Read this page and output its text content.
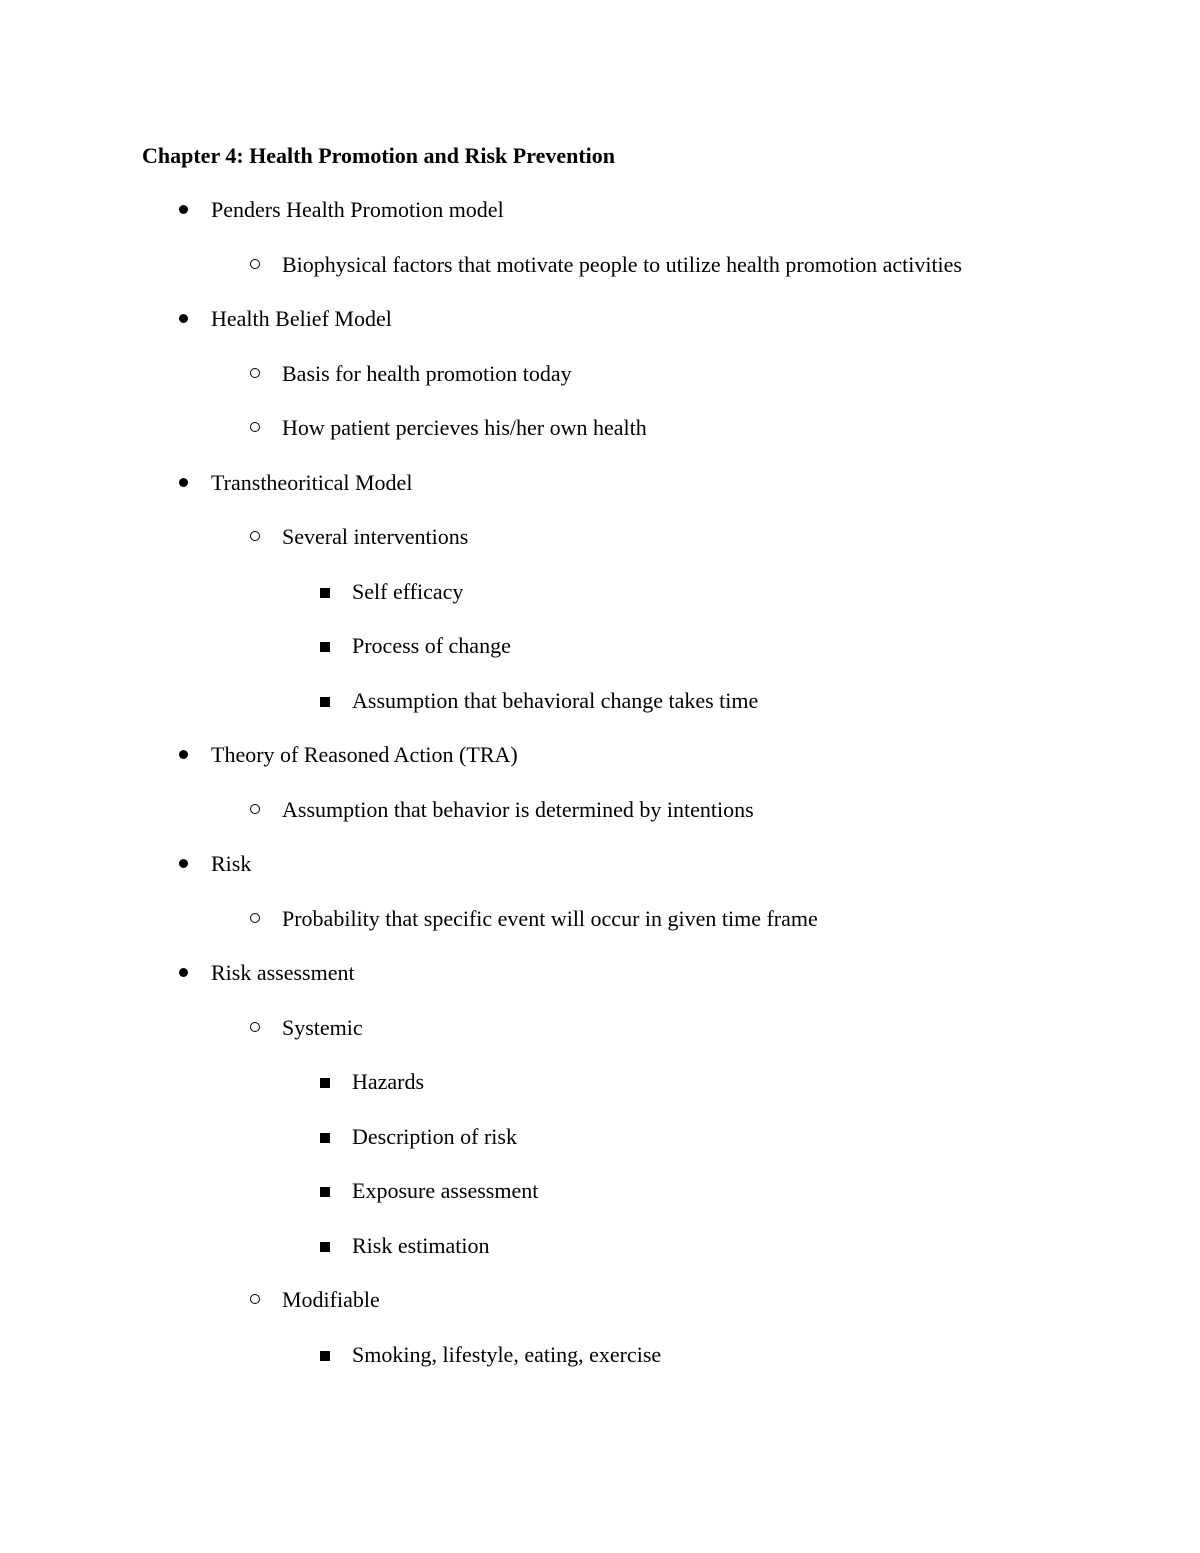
Chapter 4: Health Promotion and Risk Prevention
Penders Health Promotion model
Biophysical factors that motivate people to utilize health promotion activities
Health Belief Model
Basis for health promotion today
How patient percieves his/her own health
Transtheoritical Model
Several interventions
Self efficacy
Process of change
Assumption that behavioral change takes time
Theory of Reasoned Action (TRA)
Assumption that behavior is determined by intentions
Risk
Probability that specific event will occur in given time frame
Risk assessment
Systemic
Hazards
Description of risk
Exposure assessment
Risk estimation
Modifiable
Smoking, lifestyle, eating, exercise
